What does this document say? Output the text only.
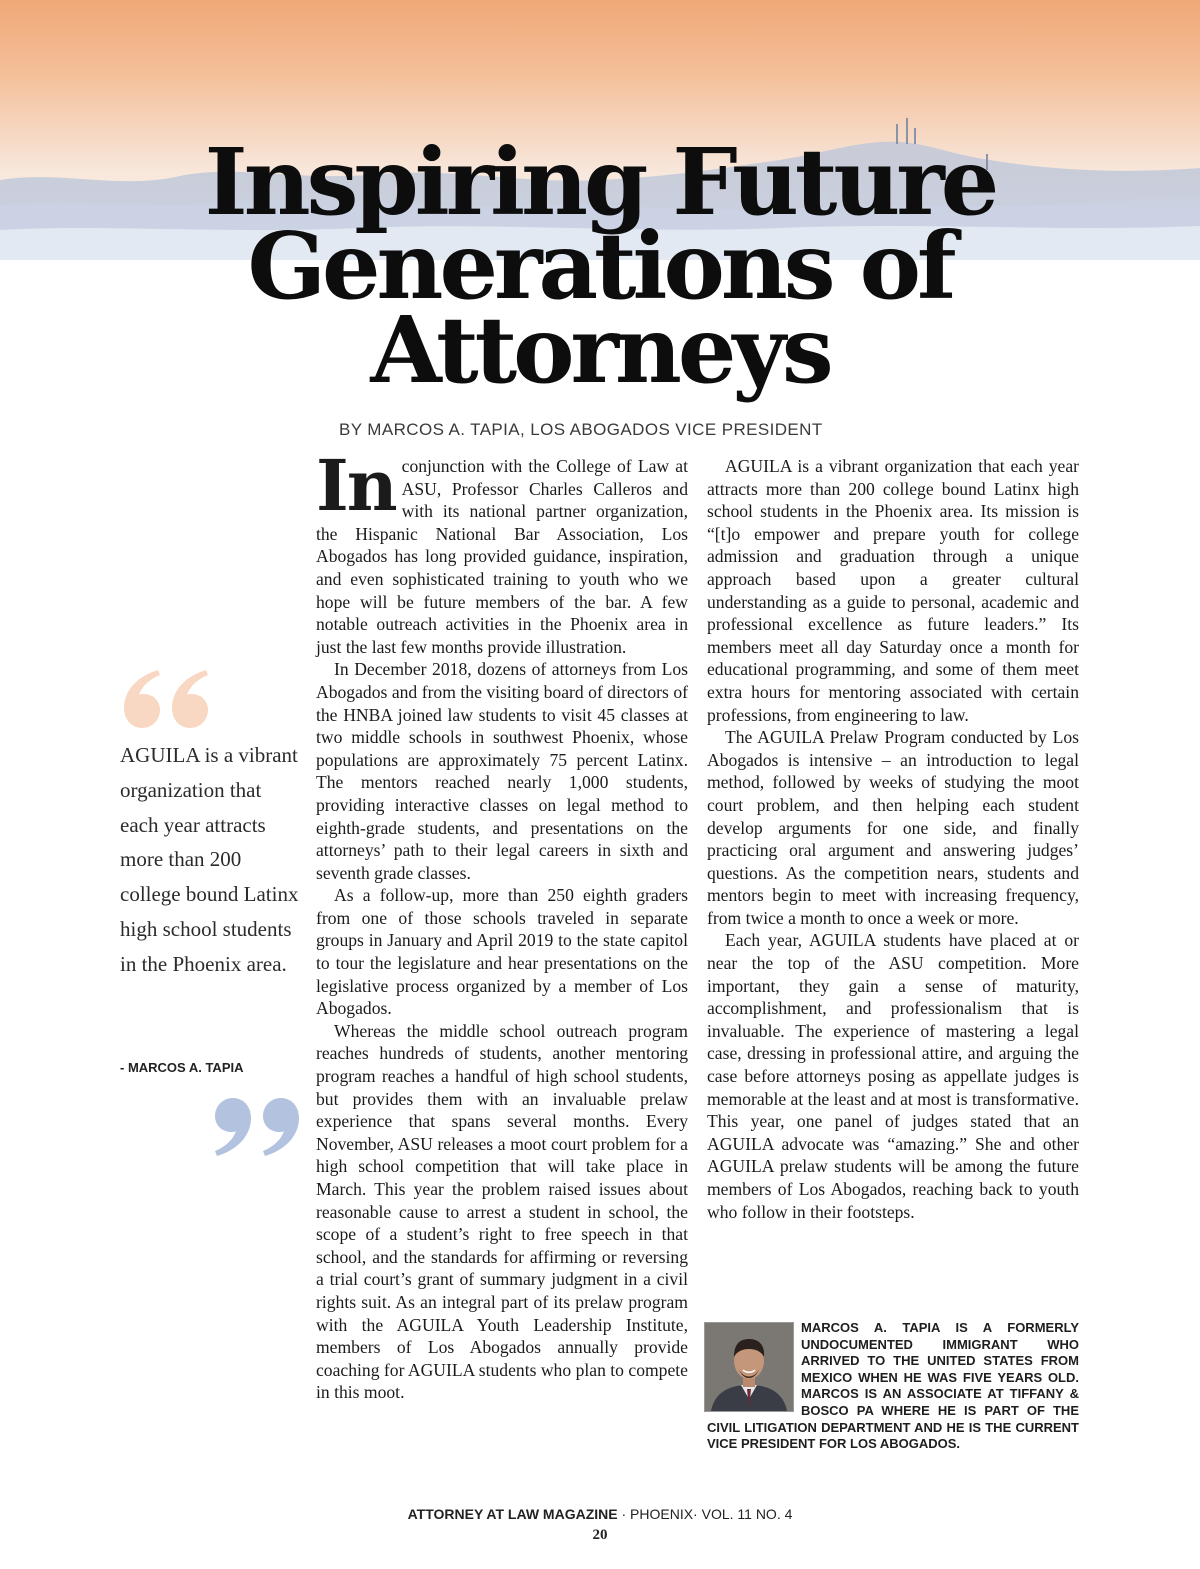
Inspiring Future
Generations of
Attorneys
BY MARCOS A. TAPIA, LOS ABOGADOS VICE PRESIDENT
AGUILA is a vibrant organization that each year attracts more than 200 college bound Latinx high school students in the Phoenix area.
- MARCOS A. TAPIA

In conjunction with the College of Law at ASU, Professor Charles Calleros and with its national partner organization, the Hispanic National Bar Association, Los Abogados has long provided guidance, inspiration, and even sophisticated training to youth who we hope will be future members of the bar. A few notable outreach activities in the Phoenix area in just the last few months provide illustration.

In December 2018, dozens of attorneys from Los Abogados and from the visiting board of directors of the HNBA joined law students to visit 45 classes at two middle schools in southwest Phoenix, whose populations are approximately 75 percent Latinx. The mentors reached nearly 1,000 students, providing interactive classes on legal method to eighth-grade students, and presentations on the attorneys’ path to their legal careers in sixth and seventh grade classes.

As a follow-up, more than 250 eighth graders from one of those schools traveled in separate groups in January and April 2019 to the state capitol to tour the legislature and hear presentations on the legislative process organized by a member of Los Abogados.

Whereas the middle school outreach program reaches hundreds of students, another mentoring program reaches a handful of high school students, but provides them with an invaluable prelaw experience that spans several months. Every November, ASU releases a moot court problem for a high school competition that will take place in March. This year the problem raised issues about reasonable cause to arrest a student in school, the scope of a student’s right to free speech in that school, and the standards for affirming or reversing a trial court’s grant of summary judgment in a civil rights suit. As an integral part of its prelaw program with the AGUILA Youth Leadership Institute, members of Los Abogados annually provide coaching for AGUILA students who plan to compete in this moot.

AGUILA is a vibrant organization that each year attracts more than 200 college bound Latinx high school students in the Phoenix area. Its mission is “[t]o empower and prepare youth for college admission and graduation through a unique approach based upon a greater cultural understanding as a guide to personal, academic and professional excellence as future leaders.” Its members meet all day Saturday once a month for educational programming, and some of them meet extra hours for mentoring associated with certain professions, from engineering to law.

The AGUILA Prelaw Program conducted by Los Abogados is intensive – an introduction to legal method, followed by weeks of studying the moot court problem, and then helping each student develop arguments for one side, and finally practicing oral argument and answering judges’ questions. As the competition nears, students and mentors begin to meet with increasing frequency, from twice a month to once a week or more.

Each year, AGUILA students have placed at or near the top of the ASU competition. More important, they gain a sense of maturity, accomplishment, and professionalism that is invaluable. The experience of mastering a legal case, dressing in professional attire, and arguing the case before attorneys posing as appellate judges is memorable at the least and at most is transformative. This year, one panel of judges stated that an AGUILA advocate was “amazing.” She and other AGUILA prelaw students will be among the future members of Los Abogados, reaching back to youth who follow in their footsteps.

MARCOS A. TAPIA IS A FORMERLY UNDOCUMENTED IMMIGRANT WHO ARRIVED TO THE UNITED STATES FROM MEXICO WHEN HE WAS FIVE YEARS OLD. MARCOS IS AN ASSOCIATE AT TIFFANY & BOSCO PA WHERE HE IS PART OF THE CIVIL LITIGATION DEPARTMENT AND HE IS THE CURRENT VICE PRESIDENT FOR LOS ABOGADOS.
ATTORNEY AT LAW MAGAZINE · PHOENIX· VOL. 11 NO. 4
20
